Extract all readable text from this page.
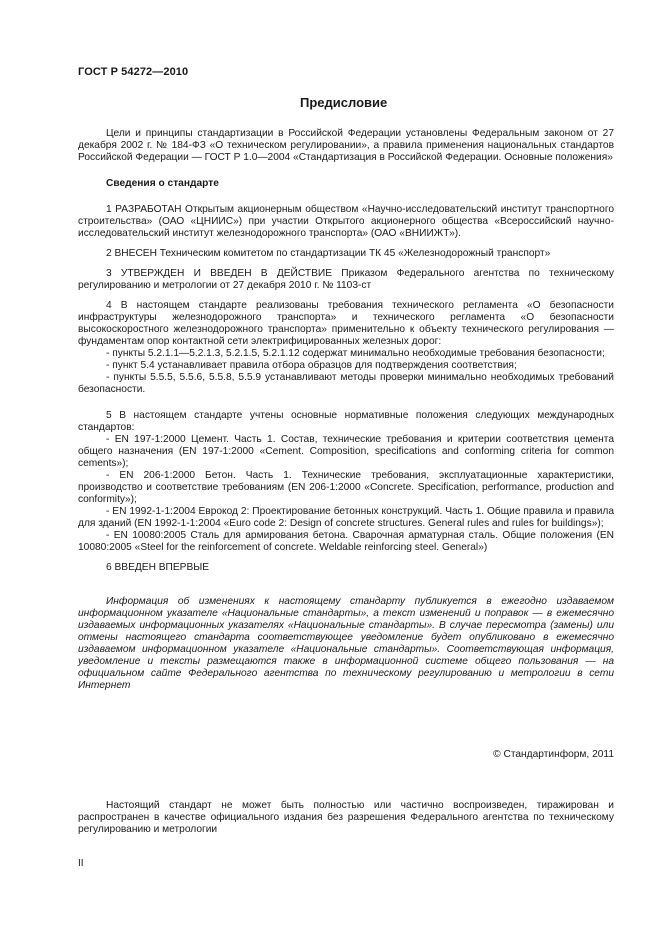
ГОСТ Р 54272—2010
Предисловие

Цели и принципы стандартизации в Российской Федерации установлены Федеральным законом от 27 декабря 2002 г. № 184-ФЗ «О техническом регулировании», а правила применения национальных стандартов Российской Федерации — ГОСТ Р 1.0—2004 «Стандартизация в Российской Федерации. Основные положения»

Сведения о стандарте

1 РАЗРАБОТАН Открытым акционерным обществом «Научно-исследовательский институт транспортного строительства» (ОАО «ЦНИИС») при участии Открытого акционерного общества «Всероссийский научно-исследовательский институт железнодорожного транспорта» (ОАО «ВНИИЖТ»).

2 ВНЕСЕН Техническим комитетом по стандартизации ТК 45 «Железнодорожный транспорт»

3 УТВЕРЖДЕН И ВВЕДЕН В ДЕЙСТВИЕ Приказом Федерального агентства по техническому регулированию и метрологии от 27 декабря 2010 г. № 1103-ст

4 В настоящем стандарте реализованы требования технического регламента «О безопасности инфраструктуры железнодорожного транспорта» и технического регламента «О безопасности высокоскоростного железнодорожного транспорта» применительно к объекту технического регулирования — фундаментам опор контактной сети электрифицированных железных дорог:

- пункты 5.2.1.1—5.2.1.3, 5.2.1.5, 5.2.1.12 содержат минимально необходимые требования безопасности;

- пункт 5.4 устанавливает правила отбора образцов для подтверждения соответствия;

- пункты 5.5.5, 5.5.6, 5.5.8, 5.5.9 устанавливают методы проверки минимально необходимых требований безопасности.

5 В настоящем стандарте учтены основные нормативные положения следующих международных стандартов:

- EN 197-1:2000 Цемент. Часть 1. Состав, технические требования и критерии соответствия цемента общего назначения (EN 197-1:2000 «Cement. Composition, specifications and conforming criteria for common cements»);

- EN 206-1:2000 Бетон. Часть 1. Технические требования, эксплуатационные характеристики, производство и соответствие требованиям (EN 206-1:2000 «Concrete. Specification, performance, production and conformity»);

- EN 1992-1-1:2004 Еврокод 2: Проектирование бетонных конструкций. Часть 1. Общие правила и правила для зданий (EN 1992-1-1:2004 «Euro code 2: Design of concrete structures. General rules and rules for buildings»);

- EN 10080:2005 Сталь для армирования бетона. Сварочная арматурная сталь. Общие положения (EN 10080:2005 «Steel for the reinforcement of concrete. Weldable reinforcing steel. General»)

6 ВВЕДЕН ВПЕРВЫЕ

Информация об изменениях к настоящему стандарту публикуется в ежегодно издаваемом информационном указателе «Национальные стандарты», а текст изменений и поправок — в ежемесячно издаваемых информационных указателях «Национальные стандарты». В случае пересмотра (замены) или отмены настоящего стандарта соответствующее уведомление будет опубликовано в ежемесячно издаваемом информационном указателе «Национальные стандарты». Соответствующая информация, уведомление и тексты размещаются также в информационной системе общего пользования — на официальном сайте Федерального агентства по техническому регулированию и метрологии в сети Интернет

© Стандартинформ, 2011

Настоящий стандарт не может быть полностью или частично воспроизведен, тиражирован и распространен в качестве официального издания без разрешения Федерального агентства по техническому регулированию и метрологии

II
